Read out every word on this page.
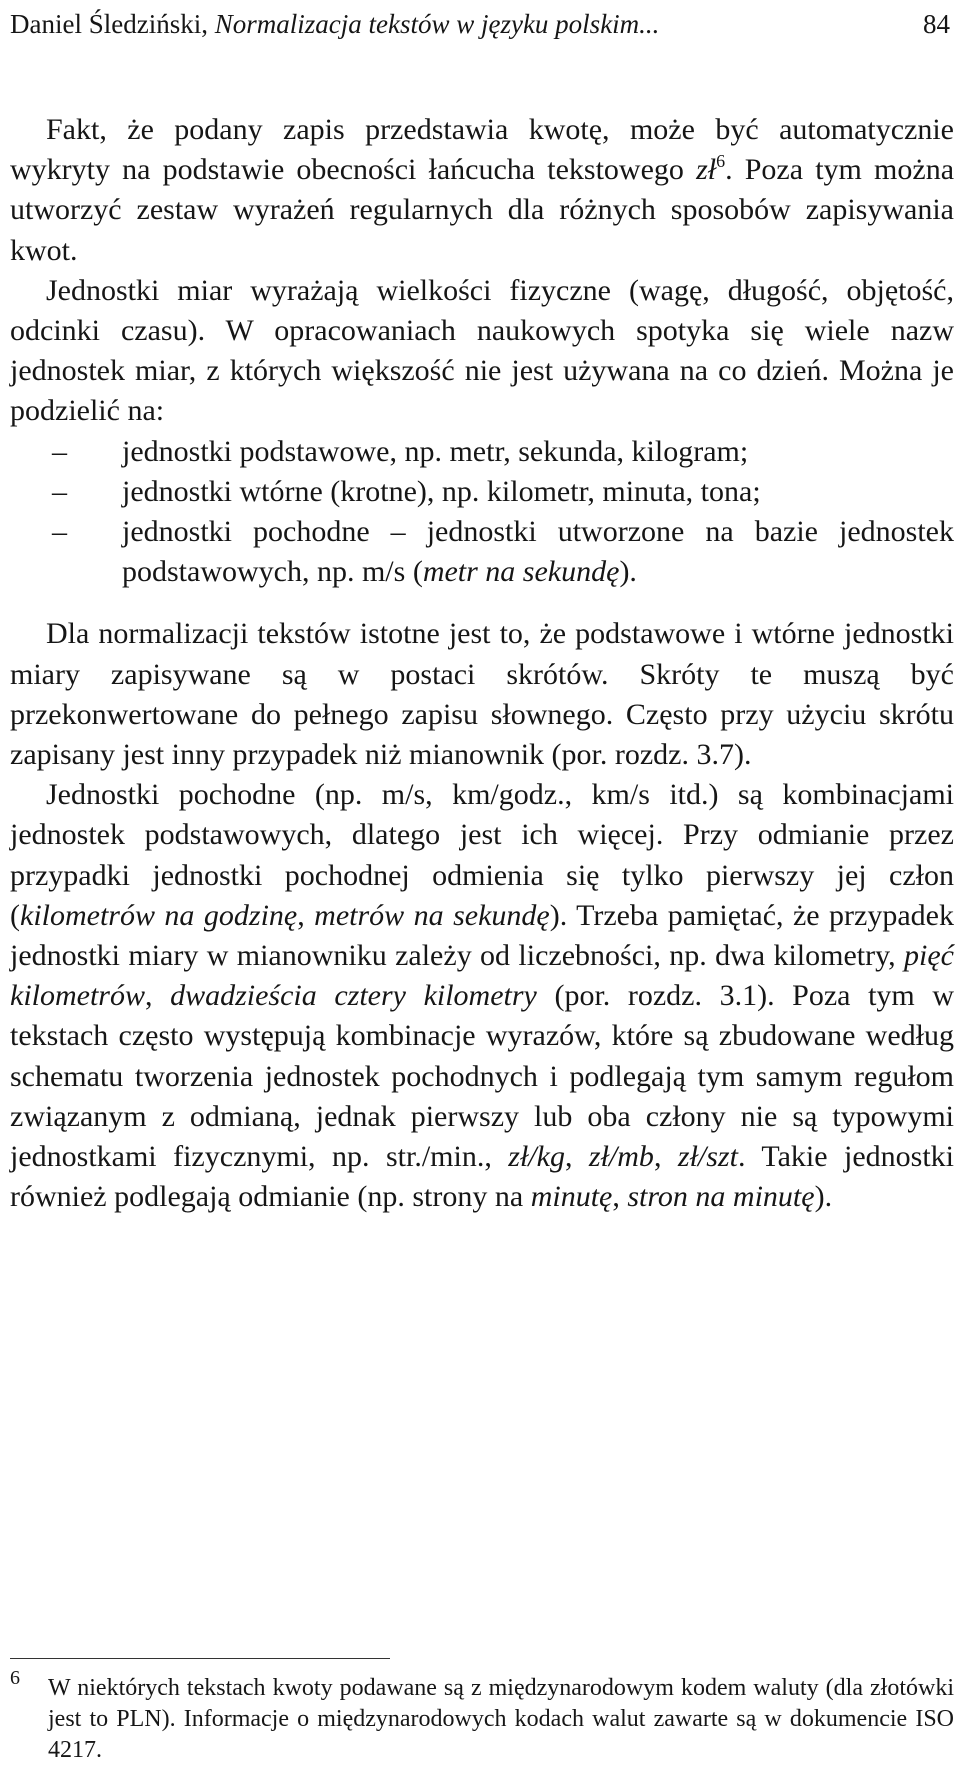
Daniel Śledziński, Normalizacja tekstów w języku polskim...	84

Fakt, że podany zapis przedstawia kwotę, może być automatycznie wykryty na podstawie obecności łańcucha tekstowego $zł^6$. Poza tym można utworzyć zestaw wyrażeń regularnych dla różnych sposobów zapisywania kwot.

Jednostki miar wyrażają wielkości fizyczne (wagę, długość, objętość, odcinki czasu). W opracowaniach naukowych spotyka się wiele nazw jednostek miar, z których większość nie jest używana na co dzień. Można je podzielić na:

– jednostki podstawowe, np. metr, sekunda, kilogram;
– jednostki wtórne (krotne), np. kilometr, minuta, tona;
– jednostki pochodne – jednostki utworzone na bazie jednostek podstawowych, np. m/s (metr na sekundę).

Dla normalizacji tekstów istotne jest to, że podstawowe i wtórne jednostki miary zapisywane są w postaci skrótów. Skróty te muszą być przekonwertowane do pełnego zapisu słownego. Często przy użyciu skrótu zapisany jest inny przypadek niż mianownik (por. rozdz. 3.7).

Jednostki pochodne (np. m/s, km/godz., km/s itd.) są kombinacjami jednostek podstawowych, dlatego jest ich więcej. Przy odmianie przez przypadki jednostki pochodnej odmienia się tylko pierwszy jej człon (kilometrów na godzinę, metrów na sekundę). Trzeba pamiętać, że przypadek jednostki miary w mianowniku zależy od liczebności, np. dwa kilometry, pięć kilometrów, dwadzieścia cztery kilometry (por. rozdz. 3.1). Poza tym w tekstach często występują kombinacje wyrazów, które są zbudowane według schematu tworzenia jednostek pochodnych i podlegają tym samym regułom związanym z odmianą, jednak pierwszy lub oba człony nie są typowymi jednostkami fizycznymi, np. str./min., zł/kg, zł/mb, zł/szt. Takie jednostki również podlegają odmianie (np. strony na minutę, stron na minutę).

6 W niektórych tekstach kwoty podawane są z międzynarodowym kodem waluty (dla złotówki jest to PLN). Informacje o międzynarodowych kodach walut zawarte są w dokumencie ISO 4217.
